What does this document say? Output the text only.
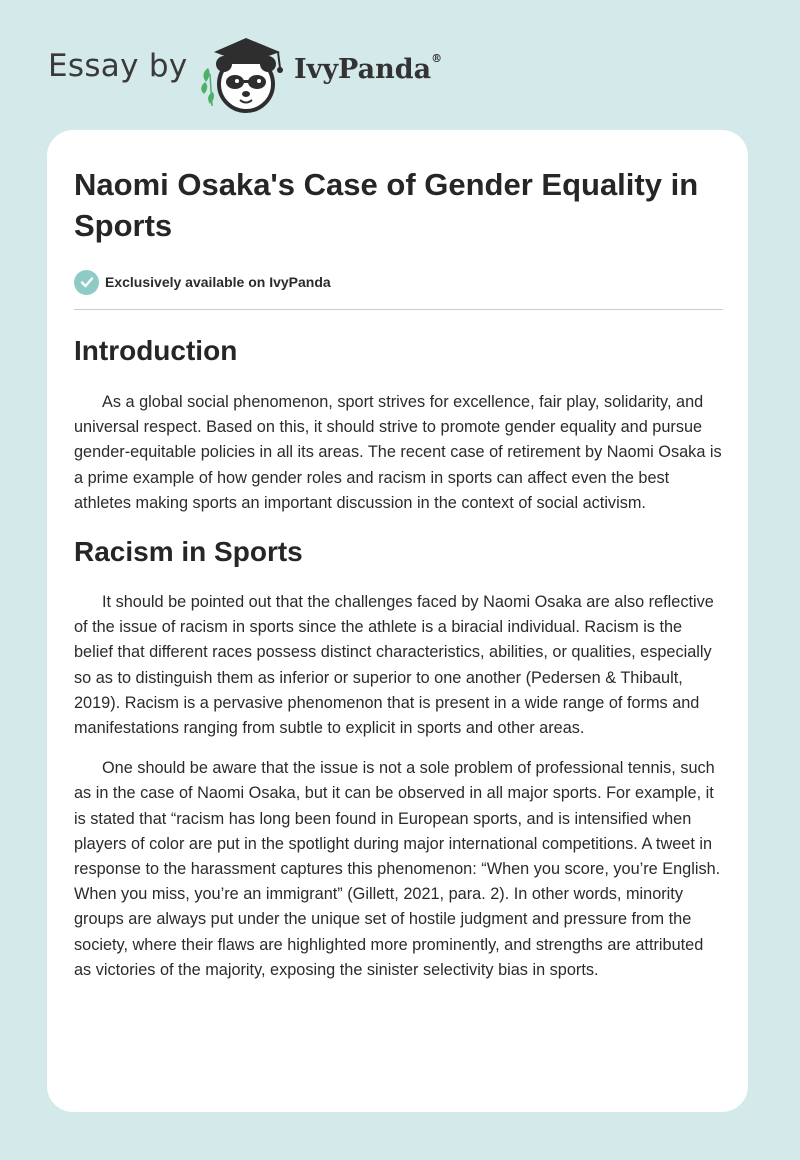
Essay by	IvyPanda®
Naomi Osaka's Case of Gender Equality in Sports
Exclusively available on IvyPanda
Introduction

As a global social phenomenon, sport strives for excellence, fair play, solidarity, and universal respect. Based on this, it should strive to promote gender equality and pursue gender-equitable policies in all its areas. The recent case of retirement by Naomi Osaka is a prime example of how gender roles and racism in sports can affect even the best athletes making sports an important discussion in the context of social activism.

Racism in Sports

It should be pointed out that the challenges faced by Naomi Osaka are also reflective of the issue of racism in sports since the athlete is a biracial individual. Racism is the belief that different races possess distinct characteristics, abilities, or qualities, especially so as to distinguish them as inferior or superior to one another (Pedersen & Thibault, 2019). Racism is a pervasive phenomenon that is present in a wide range of forms and manifestations ranging from subtle to explicit in sports and other areas.

One should be aware that the issue is not a sole problem of professional tennis, such as in the case of Naomi Osaka, but it can be observed in all major sports. For example, it is stated that “racism has long been found in European sports, and is intensified when players of color are put in the spotlight during major international competitions. A tweet in response to the harassment captures this phenomenon: “When you score, you’re English. When you miss, you’re an immigrant” (Gillett, 2021, para. 2). In other words, minority groups are always put under the unique set of hostile judgment and pressure from the society, where their flaws are highlighted more prominently, and strengths are attributed as victories of the majority, exposing the sinister selectivity bias in sports.
